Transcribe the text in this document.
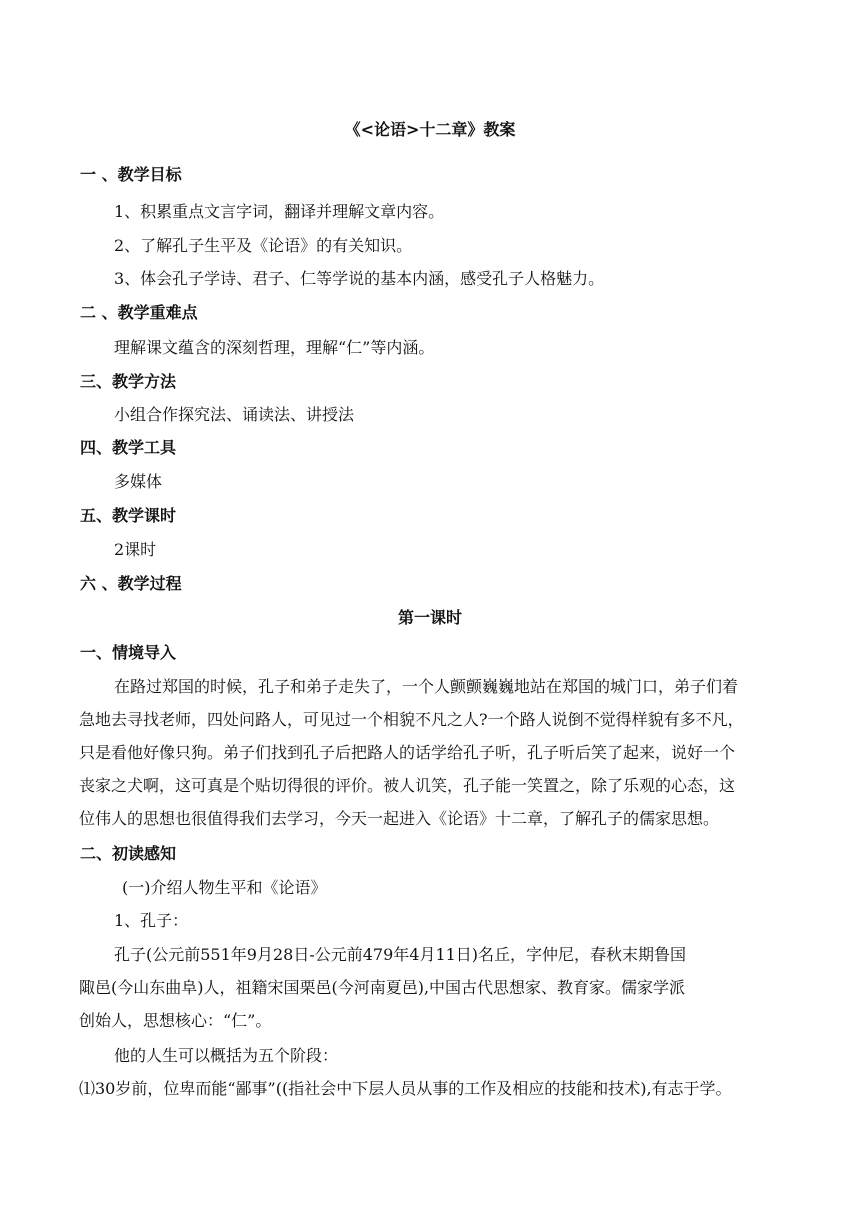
《<论语>十二章》教案
一 、教学目标
1、积累重点文言字词，翻译并理解文章内容。
2、了解孔子生平及《论语》的有关知识。
3、体会孔子学诗、君子、仁等学说的基本内涵，感受孔子人格魅力。
二 、教学重难点
理解课文蕴含的深刻哲理，理解“仁”等内涵。
三、教学方法
小组合作探究法、诵读法、讲授法
四、教学工具
多媒体
五、教学课时
2课时
六 、教学过程
第一课时
一、情境导入
在路过郑国的时候，孔子和弟子走失了，一个人颤颤巍巍地站在郑国的城门口，弟子们着
急地去寻找老师，四处问路人，可见过一个相貌不凡之人?一个路人说倒不觉得样貌有多不凡，
只是看他好像只狗。弟子们找到孔子后把路人的话学给孔子听，孔子听后笑了起来，说好一个
丧家之犬啊，这可真是个贴切得很的评价。被人讥笑，孔子能一笑置之，除了乐观的心态，这
位伟人的思想也很值得我们去学习，今天一起进入《论语》十二章，了解孔子的儒家思想。
二、初读感知
(一)介绍人物生平和《论语》
1、孔子：
孔子(公元前551年9月28日-公元前479年4月11日)名丘，字仲尼，春秋末期鲁国
陬邑(今山东曲阜)人，祖籍宋国栗邑(今河南夏邑),中国古代思想家、教育家。儒家学派
创始人，思想核心：“仁”。
他的人生可以概括为五个阶段：
⑴30岁前，位卑而能“鄙事”((指社会中下层人员从事的工作及相应的技能和技术),有志于学。
